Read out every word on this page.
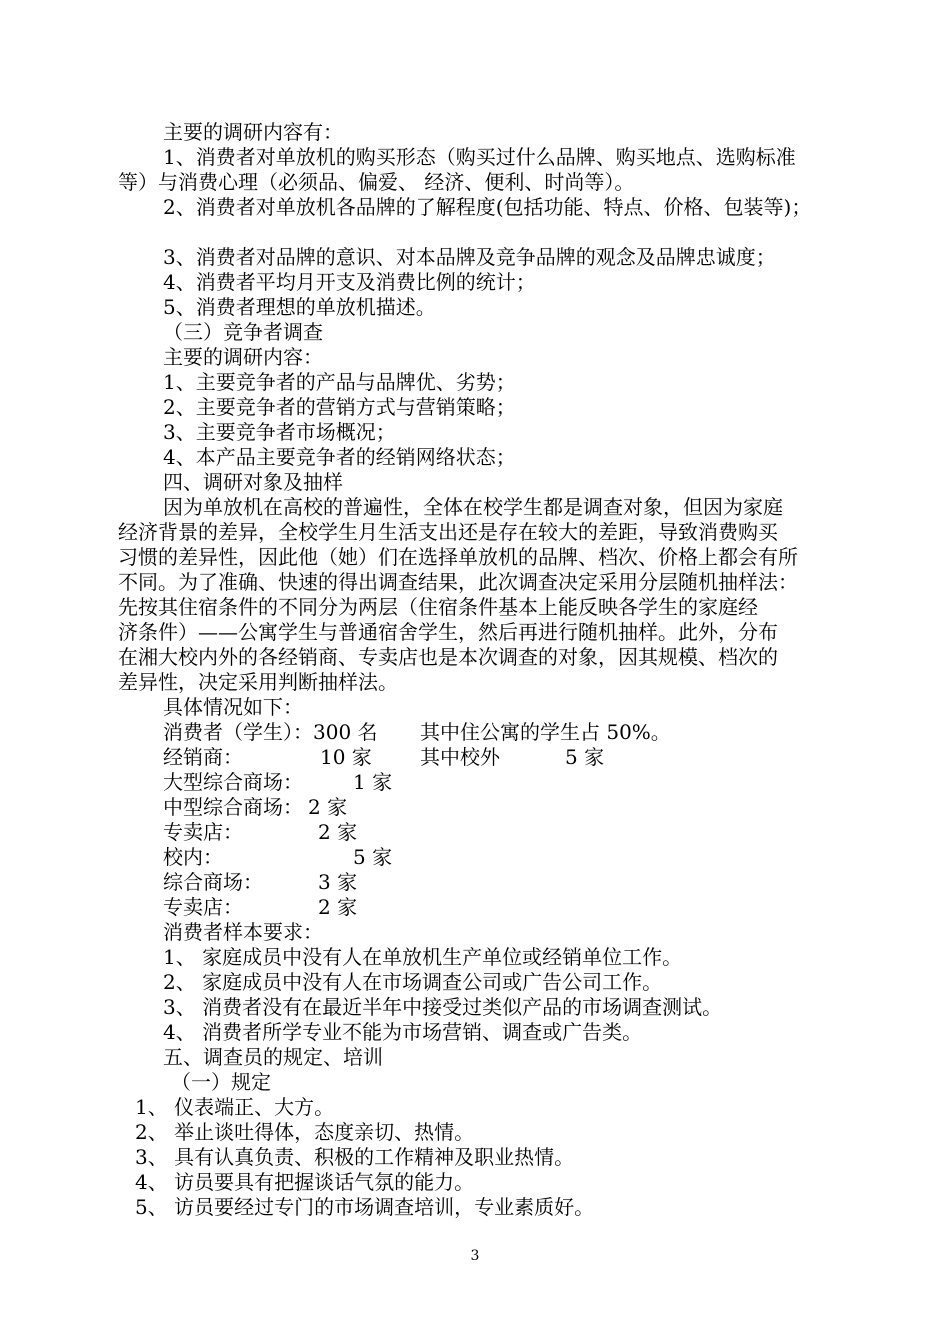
主要的调研内容有：
1、消费者对单放机的购买形态（购买过什么品牌、购买地点、选购标准
等）与消费心理（必须品、偏爱、 经济、便利、时尚等）。
2、消费者对单放机各品牌的了解程度(包括功能、特点、价格、包装等)；
3、消费者对品牌的意识、对本品牌及竞争品牌的观念及品牌忠诚度；
4、消费者平均月开支及消费比例的统计；
5、消费者理想的单放机描述。
（三）竞争者调查
主要的调研内容：
1、主要竞争者的产品与品牌优、劣势；
2、主要竞争者的营销方式与营销策略；
3、主要竞争者市场概况；
4、本产品主要竞争者的经销网络状态；
四、调研对象及抽样
因为单放机在高校的普遍性，全体在校学生都是调查对象，但因为家庭
经济背景的差异，全校学生月生活支出还是存在较大的差距，导致消费购买
习惯的差异性，因此他（她）们在选择单放机的品牌、档次、价格上都会有所
不同。为了准确、快速的得出调查结果，此次调查决定采用分层随机抽样法：
先按其住宿条件的不同分为两层（住宿条件基本上能反映各学生的家庭经
济条件）——公寓学生与普通宿舍学生，然后再进行随机抽样。此外，分布
在湘大校内外的各经销商、专卖店也是本次调查的对象，因其规模、档次的
差异性，决定采用判断抽样法。
具体情况如下：
消费者（学生）： 300 名 其中住公寓的学生占 50%。
经销商：	10 家 其中校外	5 家
大型综合商场：	1 家
中型综合商场： 2 家
专卖店：	2 家
校内：	5 家
综合商场：	3 家
专卖店：	2 家
消费者样本要求：
1、 家庭成员中没有人在单放机生产单位或经销单位工作。
2、 家庭成员中没有人在市场调查公司或广告公司工作。
3、 消费者没有在最近半年中接受过类似产品的市场调查测试。
4、 消费者所学专业不能为市场营销、调查或广告类。
五、调查员的规定、培训
（一）规定
1、 仪表端正、大方。
2、 举止谈吐得体，态度亲切、热情。
3、 具有认真负责、积极的工作精神及职业热情。
4、 访员要具有把握谈话气氛的能力。
5、 访员要经过专门的市场调查培训，专业素质好。
3
